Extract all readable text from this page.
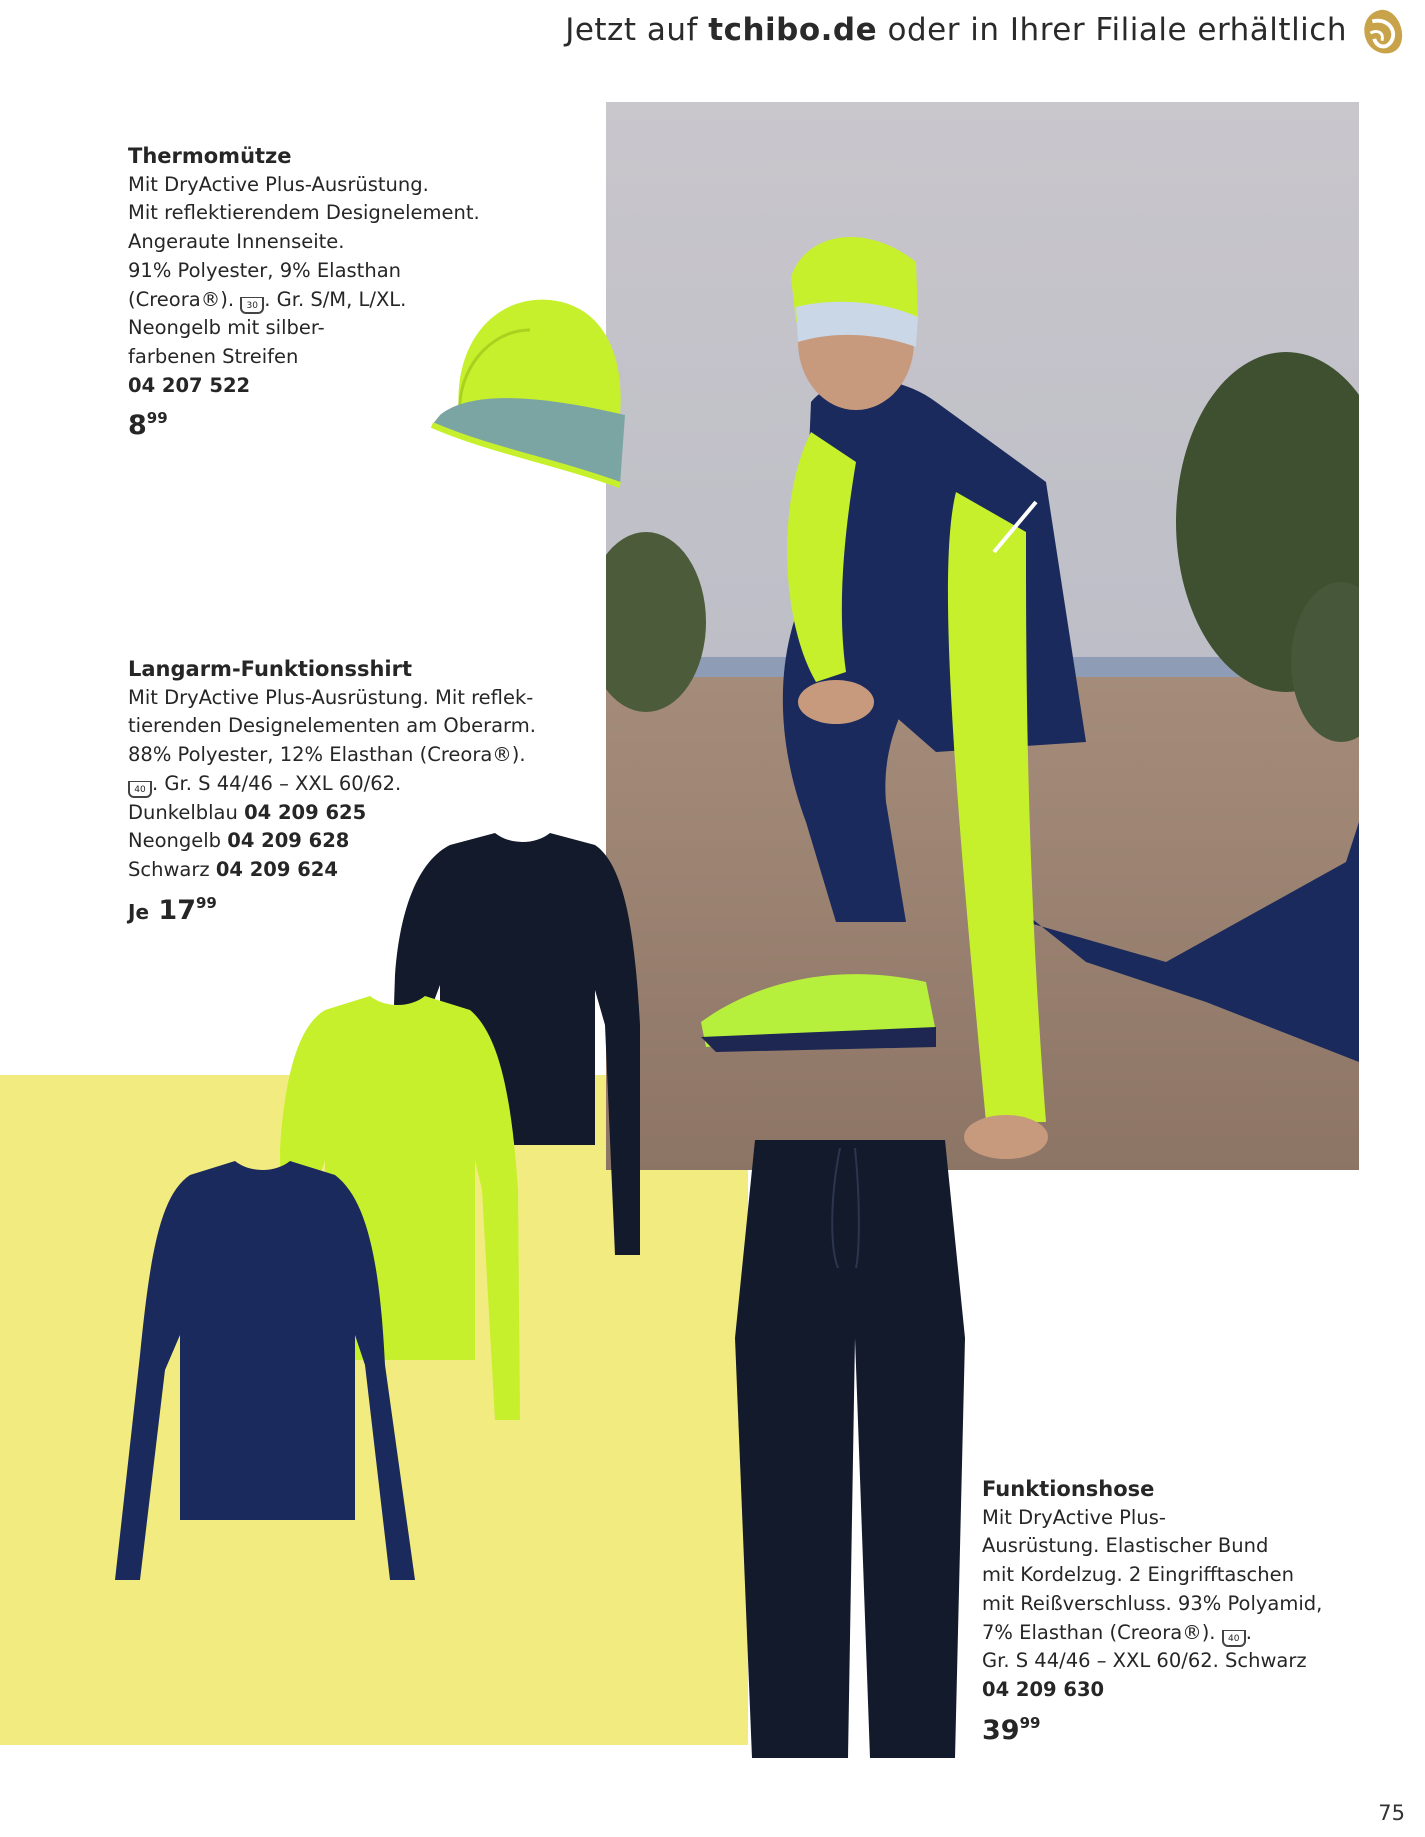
Jetzt auf tchibo.de oder in Ihrer Filiale erhältlich
Thermomütze
Mit DryActive Plus-Ausrüstung.
Mit reflektierendem Designelement.
Angeraute Innenseite.
91% Polyester, 9% Elasthan
(Creora®). 30 . Gr. S/M, L/XL.
Neongelb mit silber-
farbenen Streifen
04 207 522
$8^{99}$
Langarm-Funktionsshirt
Mit DryActive Plus-Ausrüstung. Mit reflek-
tierenden Designelementen am Oberarm.
88% Polyester, 12% Elasthan (Creora®).
40 . Gr. S 44/46 – XXL 60/62.
Dunkelblau 04 209 625
Neongelb 04 209 628
Schwarz 04 209 624
Je $17^{99}$
Funktionshose
Mit DryActive Plus-
Ausrüstung. Elastischer Bund
mit Kordelzug. 2 Eingrifftaschen
mit Reißverschluss. 93% Polyamid,
7% Elasthan (Creora®). 40 .
Gr. S 44/46 – XXL 60/62. Schwarz
04 209 630
$39^{99}$
75
